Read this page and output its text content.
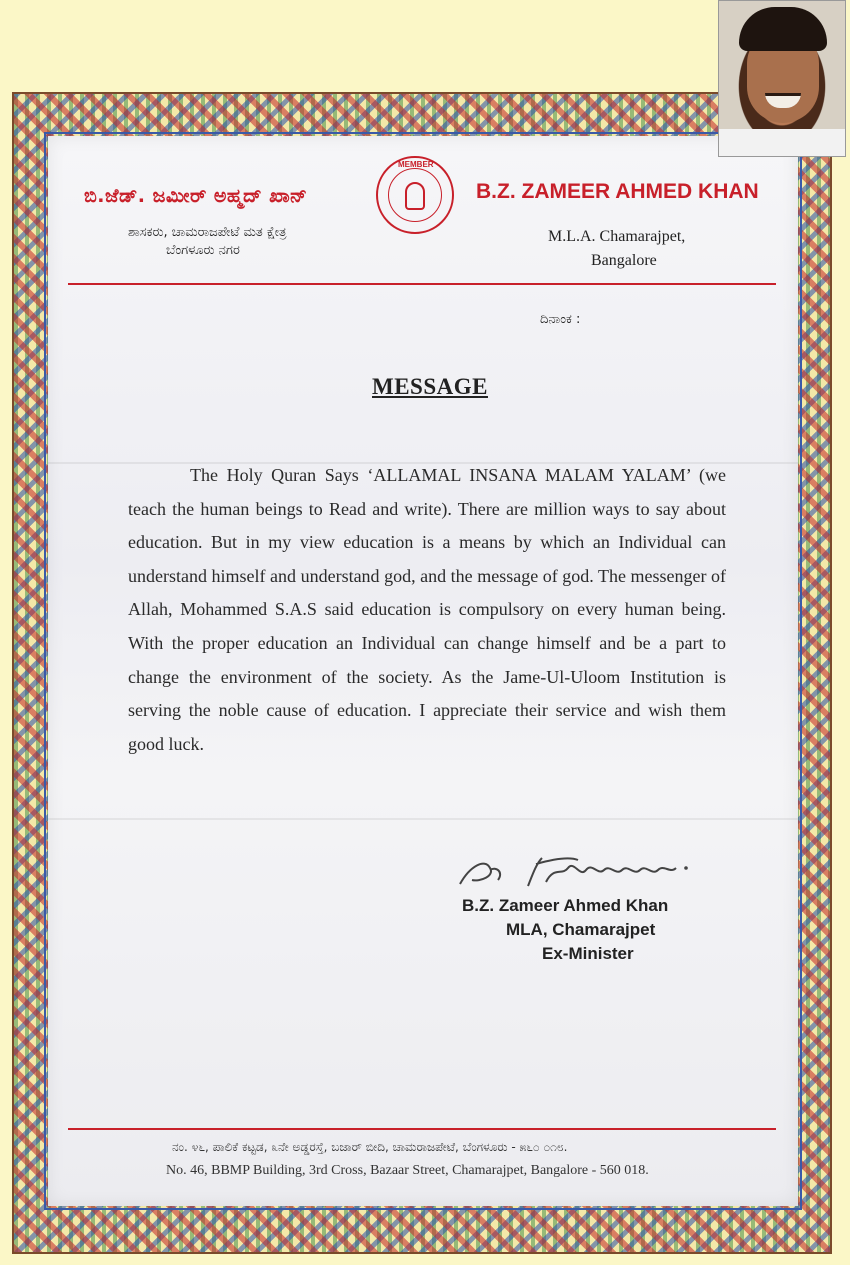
ಬಿ.ಜೆಡ್. ಜಮೀರ್ ಅಹ್ಮದ್ ಖಾನ್
ಶಾಸಕರು, ಚಾಮರಾಜಪೇಟೆ ಮತ ಕ್ಷೇತ್ರ
ಬೆಂಗಳೂರು ನಗರ
MEMBER
B.Z. ZAMEER AHMED KHAN
M.L.A. Chamarajpet,
Bangalore
ದಿನಾಂಕ :
MESSAGE
The Holy Quran Says ‘ALLAMAL INSANA MALAM YALAM’ (we teach the human beings to Read and write). There are million ways to say about education. But in my view education is a means by which an Individual can understand himself and understand god, and the message of god. The messenger of Allah, Mohammed S.A.S said education is compulsory on every human being. With the proper education an Individual can change himself and be a part to change the environment of the society. As the Jame-Ul-Uloom Institution is serving the noble cause of education. I appreciate their service and wish them good luck.
B.Z. Zameer Ahmed Khan
MLA, Chamarajpet
Ex-Minister
ನಂ. ೪೬, ಪಾಲಿಕೆ ಕಟ್ಟಡ, ೩ನೇ ಅಡ್ಡರಸ್ತೆ, ಬಜಾರ್ ಬೀದಿ, ಚಾಮರಾಜಪೇಟೆ, ಬೆಂಗಳೂರು - ೫೬೦ ೦೧೮.
No. 46, BBMP Building, 3rd Cross, Bazaar Street, Chamarajpet, Bangalore - 560 018.
